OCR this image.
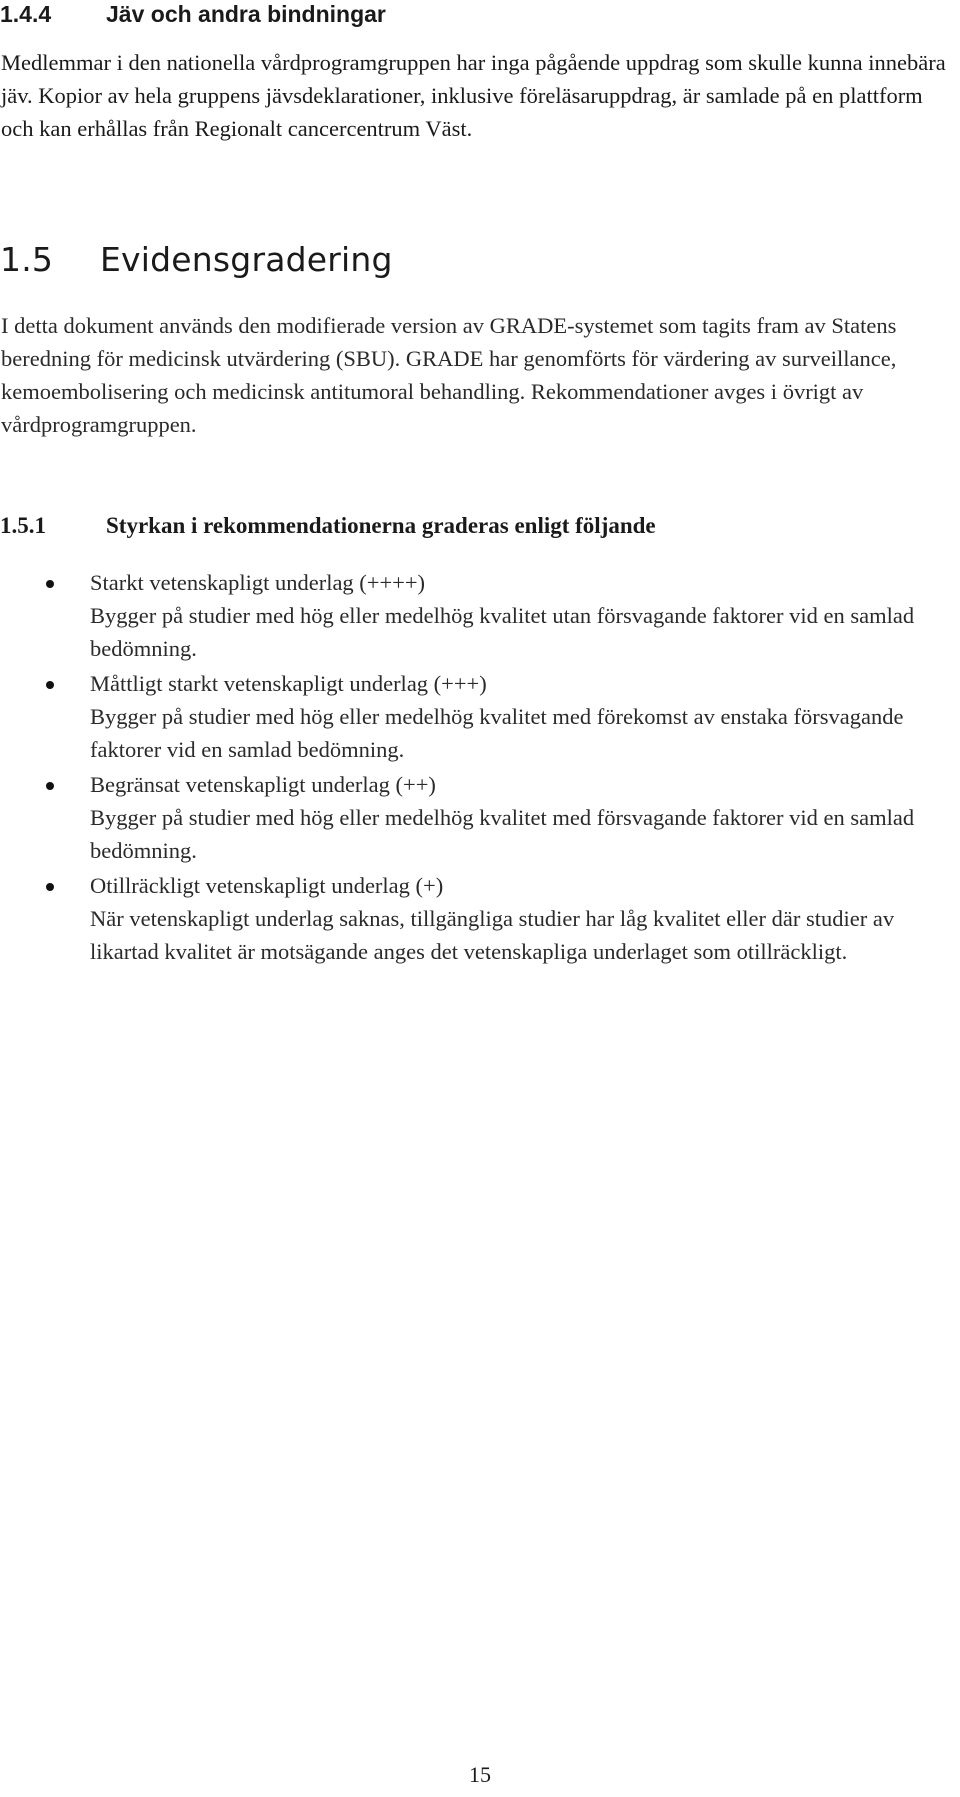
1.4.4 Jäv och andra bindningar

Medlemmar i den nationella vårdprogramgruppen har inga pågående uppdrag som skulle kunna innebära jäv. Kopior av hela gruppens jävsdeklarationer, inklusive föreläsaruppdrag, är samlade på en plattform och kan erhållas från Regionalt cancercentrum Väst.

1.5 Evidensgradering

I detta dokument används den modifierade version av GRADE-systemet som tagits fram av Statens beredning för medicinsk utvärdering (SBU). GRADE har genomförts för värdering av surveillance, kemoembolisering och medicinsk antitumoral behandling. Rekommendationer avges i övrigt av vårdprogramgruppen.

1.5.1	Styrkan i rekommendationerna graderas enligt följande
Starkt vetenskapligt underlag (++++)
Bygger på studier med hög eller medelhög kvalitet utan försvagande faktorer vid en samlad bedömning.
Måttligt starkt vetenskapligt underlag (+++)
Bygger på studier med hög eller medelhög kvalitet med förekomst av enstaka försvagande faktorer vid en samlad bedömning.
Begränsat vetenskapligt underlag (++)
Bygger på studier med hög eller medelhög kvalitet med försvagande faktorer vid en samlad bedömning.
Otillräckligt vetenskapligt underlag (+)
När vetenskapligt underlag saknas, tillgängliga studier har låg kvalitet eller där studier av likartad kvalitet är motsägande anges det vetenskapliga underlaget som otillräckligt.
15
